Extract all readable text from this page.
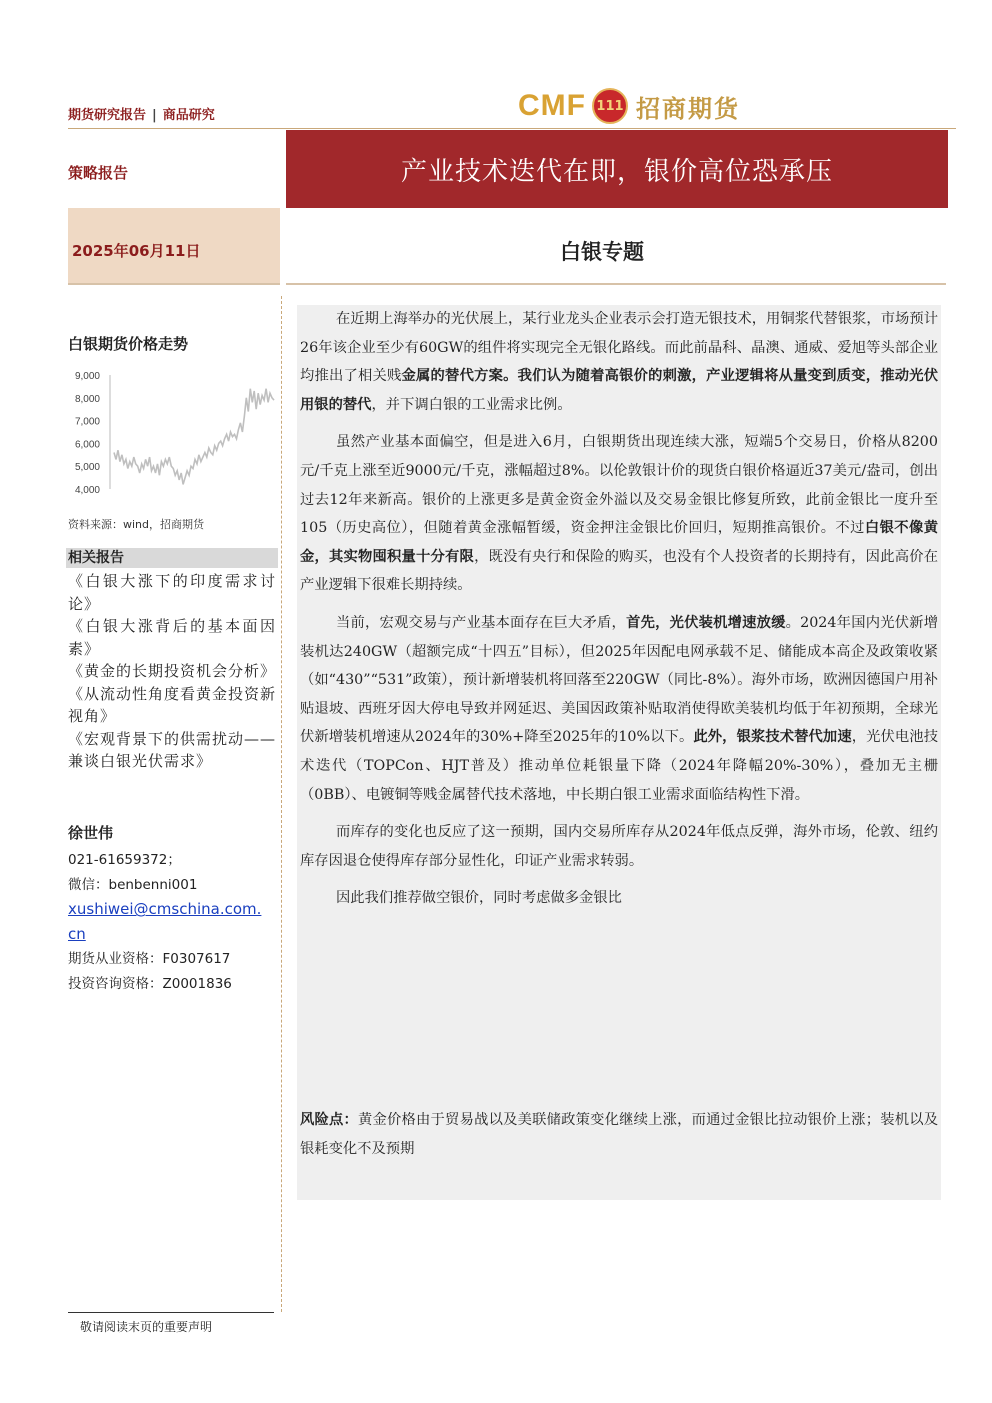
期货研究报告 | 商品研究	CMF 111 招商期货
策略报告	产业技术迭代在即，银价高位恐承压
2025年06月11日	白银专题
白银期货价格走势
9,000
8,000
7,000
6,000
5,000
4,000
资料来源：wind，招商期货
相关报告
《白银大涨下的印度需求讨论》
《白银大涨背后的基本面因素》
《黄金的长期投资机会分析》
《从流动性角度看黄金投资新视角》
《宏观背景下的供需扰动——兼谈白银光伏需求》
徐世伟
021-61659372；
微信：benbenni001
xushiwei@cmschina.com.
cn
期货从业资格：F0307617
投资咨询资格：Z0001836
敬请阅读末页的重要声明

在近期上海举办的光伏展上，某行业龙头企业表示会打造无银技术，用铜浆代替银浆，市场预计26年该企业至少有60GW的组件将实现完全无银化路线。而此前晶科、晶澳、通威、爱旭等头部企业均推出了相关贱金属的替代方案。我们认为随着高银价的刺激，产业逻辑将从量变到质变，推动光伏用银的替代，并下调白银的工业需求比例。

虽然产业基本面偏空，但是进入6月，白银期货出现连续大涨，短端5个交易日，价格从8200元/千克上涨至近9000元/千克，涨幅超过8%。以伦敦银计价的现货白银价格逼近37美元/盎司，创出过去12年来新高。银价的上涨更多是黄金资金外溢以及交易金银比修复所致，此前金银比一度升至105（历史高位），但随着黄金涨幅暂缓，资金押注金银比价回归，短期推高银价。不过白银不像黄金，其实物囤积量十分有限，既没有央行和保险的购买，也没有个人投资者的长期持有，因此高价在产业逻辑下很难长期持续。

当前，宏观交易与产业基本面存在巨大矛盾，首先，光伏装机增速放缓。2024年国内光伏新增装机达240GW（超额完成“十四五”目标），但2025年因配电网承载不足、储能成本高企及政策收紧（如“430”“531”政策），预计新增装机将回落至220GW（同比-8%）。海外市场，欧洲因德国户用补贴退坡、西班牙因大停电导致并网延迟、美国因政策补贴取消使得欧美装机均低于年初预期，全球光伏新增装机增速从2024年的30%+降至2025年的10%以下。此外，银浆技术替代加速，光伏电池技术迭代（TOPCon、HJT普及）推动单位耗银量下降（2024年降幅20%-30%），叠加无主栅（0BB）、电镀铜等贱金属替代技术落地，中长期白银工业需求面临结构性下滑。

而库存的变化也反应了这一预期，国内交易所库存从2024年低点反弹，海外市场，伦敦、纽约库存因退仓使得库存部分显性化，印证产业需求转弱。

因此我们推荐做空银价，同时考虑做多金银比

风险点：黄金价格由于贸易战以及美联储政策变化继续上涨，而通过金银比拉动银价上涨；装机以及银耗变化不及预期
